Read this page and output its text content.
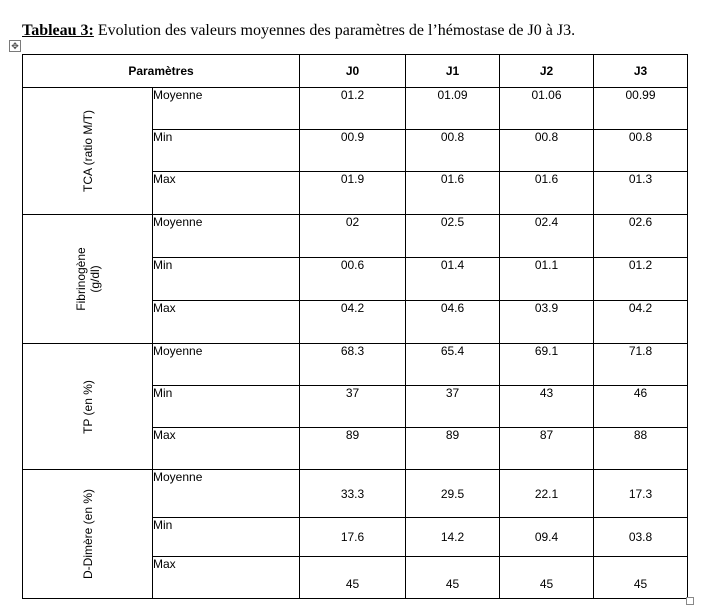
Tableau 3: Evolution des valeurs moyennes des paramètres de l’hémostase de J0 à J3.
✥
Paramètres		J0	J1	J2	J3

TCA (ratio M/T)	Moyenne	01.2	01.09	01.06	00.99
	Min	00.9	00.8	00.8	00.8
	Max	01.9	01.6	01.6	01.3

Fibrinogène
(g/dl)	Moyenne	02	02.5	02.4	02.6
	Min	00.6	01.4	01.1	01.2
	Max	04.2	04.6	03.9	04.2

TP (en %)	Moyenne	68.3	65.4	69.1	71.8
	Min	37	37	43	46
	Max	89	89	87	88

D-Dimère (en %)	Moyenne	33.3	29.5	22.1	17.3
	Min	17.6	14.2	09.4	03.8
	Max	45	45	45	45
